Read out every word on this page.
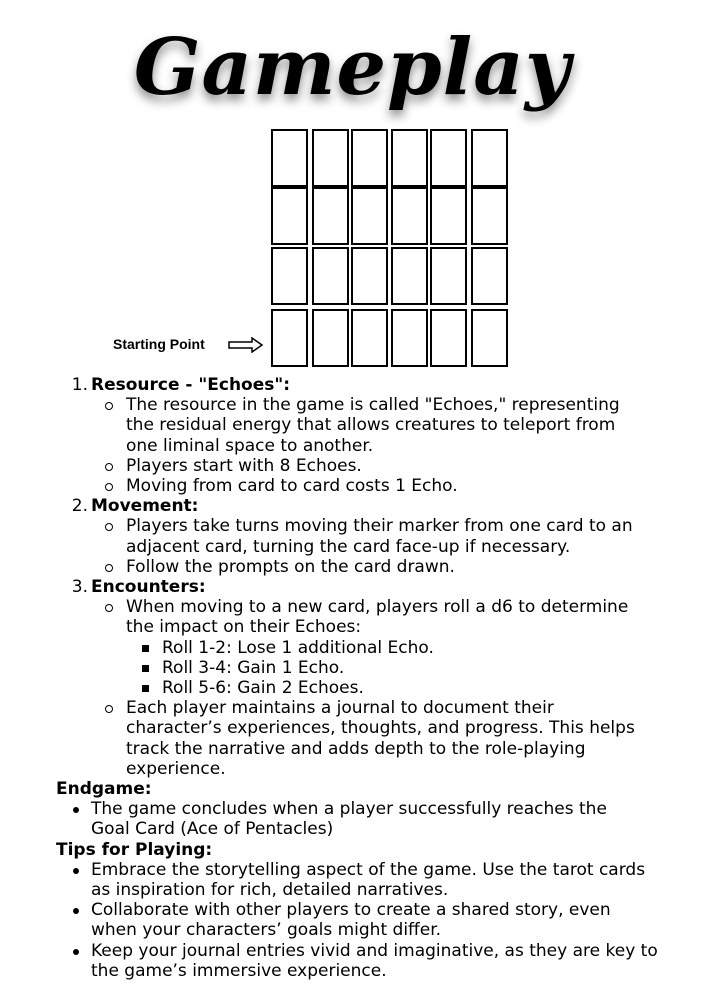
Gameplay
Starting Point
1. Resource - "Echoes":
The resource in the game is called "Echoes," representing
the residual energy that allows creatures to teleport from
one liminal space to another.
Players start with 8 Echoes.
Moving from card to card costs 1 Echo.
2. Movement:
Players take turns moving their marker from one card to an
adjacent card, turning the card face-up if necessary.
Follow the prompts on the card drawn.
3. Encounters:
When moving to a new card, players roll a d6 to determine
the impact on their Echoes:
Roll 1-2: Lose 1 additional Echo.
Roll 3-4: Gain 1 Echo.
Roll 5-6: Gain 2 Echoes.
Each player maintains a journal to document their
character’s experiences, thoughts, and progress. This helps
track the narrative and adds depth to the role-playing
experience.
Endgame:
The game concludes when a player successfully reaches the
Goal Card (Ace of Pentacles)
Tips for Playing:
Embrace the storytelling aspect of the game. Use the tarot cards
as inspiration for rich, detailed narratives.
Collaborate with other players to create a shared story, even
when your characters’ goals might differ.
Keep your journal entries vivid and imaginative, as they are key to
the game’s immersive experience.
